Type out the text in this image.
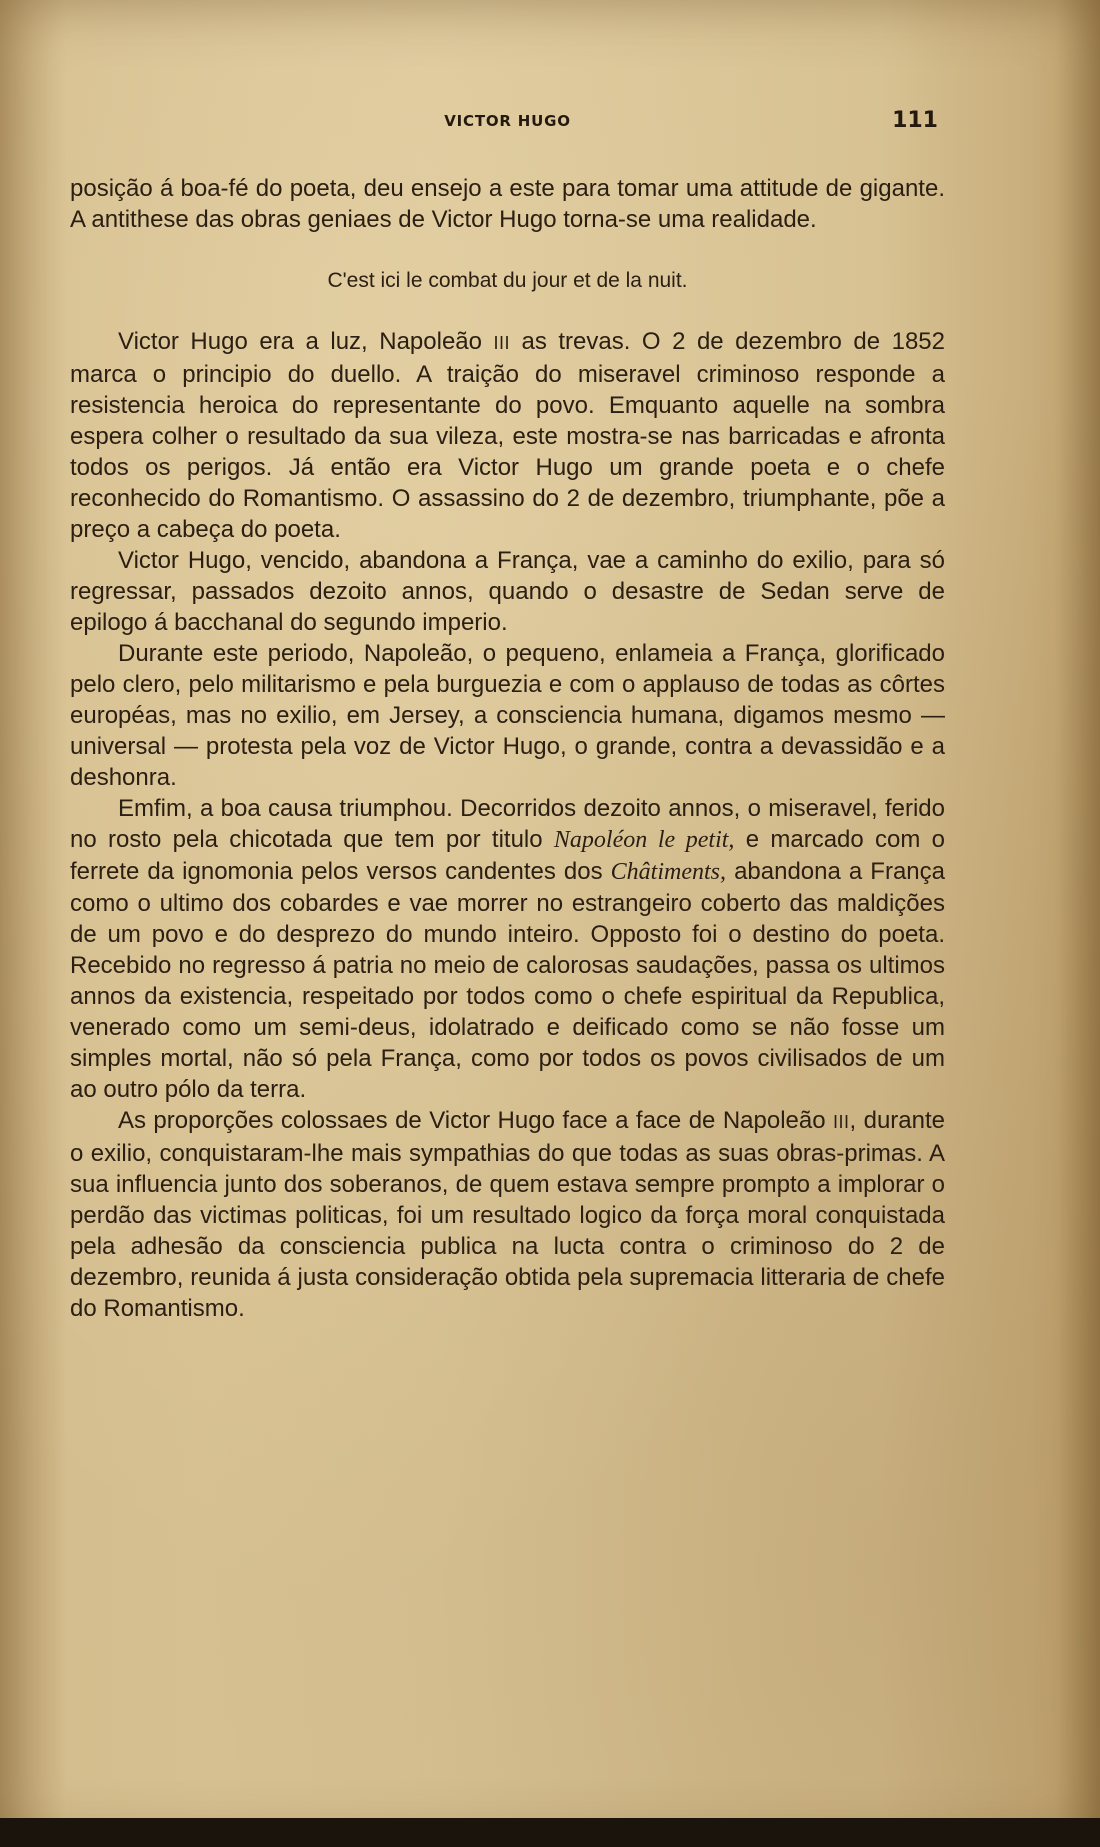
VICTOR HUGO	111

posição á boa-fé do poeta, deu ensejo a este para tomar uma attitude de gigante. A antithese das obras geniaes de Victor Hugo torna-se uma realidade.

C'est ici le combat du jour et de la nuit.

Victor Hugo era a luz, Napoleão III as trevas. O 2 de dezembro de 1852 marca o principio do duello. A traição do miseravel criminoso responde a resistencia heroica do representante do povo. Emquanto aquelle na sombra espera colher o resultado da sua vileza, este mostra-se nas barricadas e afronta todos os perigos. Já então era Victor Hugo um grande poeta e o chefe reconhecido do Romantismo. O assassino do 2 de dezembro, triumphante, põe a preço a cabeça do poeta.

Victor Hugo, vencido, abandona a França, vae a caminho do exilio, para só regressar, passados dezoito annos, quando o desastre de Sedan serve de epilogo á bacchanal do segundo imperio.

Durante este periodo, Napoleão, o pequeno, enlameia a França, glorificado pelo clero, pelo militarismo e pela burguezia e com o applauso de todas as côrtes européas, mas no exilio, em Jersey, a consciencia humana, digamos mesmo — universal — protesta pela voz de Victor Hugo, o grande, contra a devassidão e a deshonra.

Emfim, a boa causa triumphou. Decorridos dezoito annos, o miseravel, ferido no rosto pela chicotada que tem por titulo Napoléon le petit, e marcado com o ferrete da ignomonia pelos versos candentes dos Châtiments, abandona a França como o ultimo dos cobardes e vae morrer no estrangeiro coberto das maldições de um povo e do desprezo do mundo inteiro. Opposto foi o destino do poeta. Recebido no regresso á patria no meio de calorosas saudações, passa os ultimos annos da existencia, respeitado por todos como o chefe espiritual da Republica, venerado como um semi-deus, idolatrado e deificado como se não fosse um simples mortal, não só pela França, como por todos os povos civilisados de um ao outro pólo da terra.

As proporções colossaes de Victor Hugo face a face de Napoleão III, durante o exilio, conquistaram-lhe mais sympathias do que todas as suas obras-primas. A sua influencia junto dos soberanos, de quem estava sempre prompto a implorar o perdão das victimas politicas, foi um resultado logico da força moral conquistada pela adhesão da consciencia publica na lucta contra o criminoso do 2 de dezembro, reunida á justa consideração obtida pela supremacia litteraria de chefe do Romantismo.
